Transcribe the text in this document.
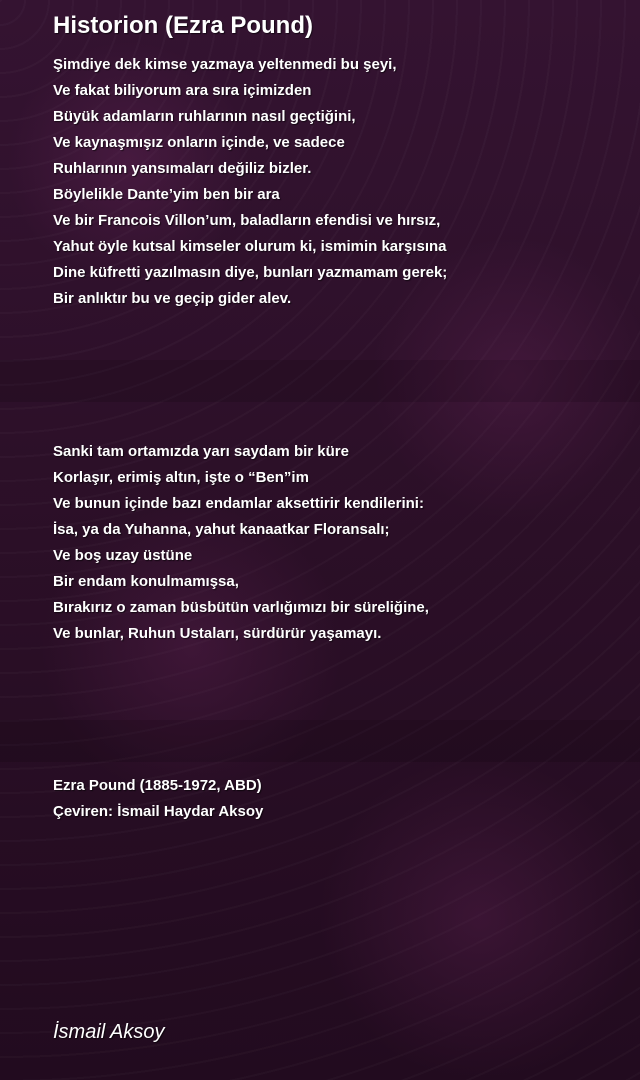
Historion (Ezra Pound)
Şimdiye dek kimse yazmaya yeltenmedi bu şeyi,
Ve fakat biliyorum ara sıra içimizden
Büyük adamların ruhlarının nasıl geçtiğini,
Ve kaynaşmışız onların içinde, ve sadece
Ruhlarının yansımaları değiliz bizler.
Böylelikle Dante’yim ben bir ara
Ve bir Francois Villon’um, baladların efendisi ve hırsız,
Yahut öyle kutsal kimseler olurum ki, ismimin karşısına
Dine küfretti yazılmasın diye, bunları yazmamam gerek;
Bir anlıktır bu ve geçip gider alev.
Sanki tam ortamızda yarı saydam bir küre
Korlaşır, erimiş altın, işte o “Ben”im
Ve bunun içinde bazı endamlar aksettirir kendilerini:
İsa, ya da Yuhanna, yahut kanaatkar Floransalı;
Ve boş uzay üstüne
Bir endam konulmamışsa,
Bırakırız o zaman büsbütün varlığımızı bir süreliğine,
Ve bunlar, Ruhun Ustaları, sürdürür yaşamayı.
Ezra Pound (1885-1972, ABD)
Çeviren: İsmail Haydar Aksoy
İsmail Aksoy
